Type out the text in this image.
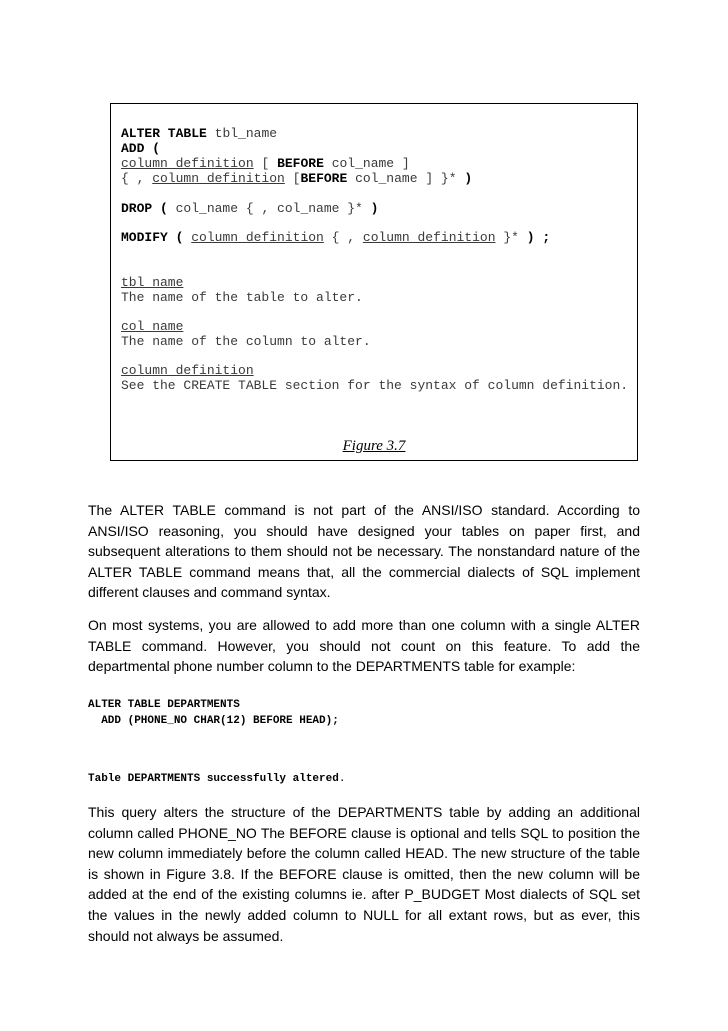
ALTER TABLE tbl_name
ADD (
column definition [ BEFORE col_name ]
{ , column definition [BEFORE col_name ] }* )
DROP ( col_name { , col_name }* )
MODIFY ( column definition { , column definition }* ) ;
tbl_name
The name of the table to alter.
col_name
The name of the column to alter.
column definition
See the CREATE TABLE section for the syntax of column definition.
Figure 3.7
The ALTER TABLE command is not part of the ANSI/ISO standard. According to ANSI/ISO reasoning, you should have designed your tables on paper first, and subsequent alterations to them should not be necessary. The nonstandard nature of the ALTER TABLE command means that, all the commercial dialects of SQL implement different clauses and command syntax.
On most systems, you are allowed to add more than one column with a single ALTER TABLE command. However, you should not count on this feature. To add the departmental phone number column to the DEPARTMENTS table for example:
ALTER TABLE DEPARTMENTS
ADD (PHONE_NO CHAR(12) BEFORE HEAD);
Table DEPARTMENTS successfully altered.
This query alters the structure of the DEPARTMENTS table by adding an additional column called PHONE_NO The BEFORE clause is optional and tells SQL to position the new column immediately before the column called HEAD. The new structure of the table is shown in Figure 3.8. If the BEFORE clause is omitted, then the new column will be added at the end of the existing columns ie. after P_BUDGET Most dialects of SQL set the values in the newly added column to NULL for all extant rows, but as ever, this should not always be assumed.
